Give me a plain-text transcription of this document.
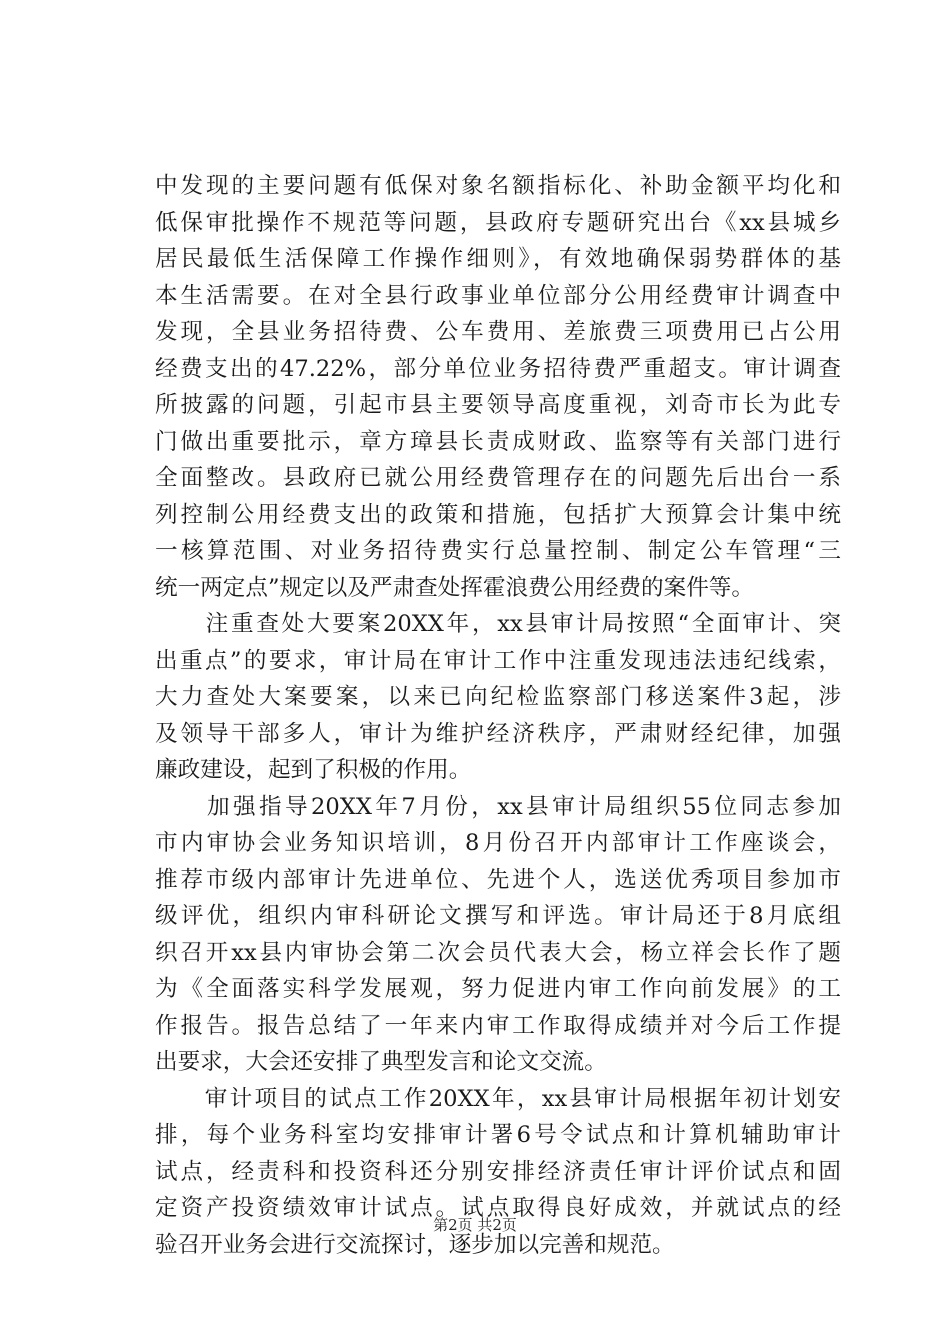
中发现的主要问题有低保对象名额指标化、补助金额平均化和
低保审批操作不规范等问题，县政府专题研究出台《xx县城乡
居民最低生活保障工作操作细则》，有效地确保弱势群体的基
本生活需要。在对全县行政事业单位部分公用经费审计调查中
发现，全县业务招待费、公车费用、差旅费三项费用已占公用
经费支出的47.22%，部分单位业务招待费严重超支。审计调查
所披露的问题，引起市县主要领导高度重视，刘奇市长为此专
门做出重要批示，章方璋县长责成财政、监察等有关部门进行
全面整改。县政府已就公用经费管理存在的问题先后出台一系
列控制公用经费支出的政策和措施，包括扩大预算会计集中统
一核算范围、对业务招待费实行总量控制、制定公车管理“三
统一两定点”规定以及严肃查处挥霍浪费公用经费的案件等。
　　注重查处大要案20XX年，xx县审计局按照“全面审计、突
出重点”的要求，审计局在审计工作中注重发现违法违纪线索，
大力查处大案要案，以来已向纪检监察部门移送案件3起，涉
及领导干部多人，审计为维护经济秩序，严肃财经纪律，加强
廉政建设，起到了积极的作用。
　　加强指导20XX年7月份，xx县审计局组织55位同志参加
市内审协会业务知识培训，8月份召开内部审计工作座谈会，
推荐市级内部审计先进单位、先进个人，选送优秀项目参加市
级评优，组织内审科研论文撰写和评选。审计局还于8月底组
织召开xx县内审协会第二次会员代表大会，杨立祥会长作了题
为《全面落实科学发展观，努力促进内审工作向前发展》的工
作报告。报告总结了一年来内审工作取得成绩并对今后工作提
出要求，大会还安排了典型发言和论文交流。
　　审计项目的试点工作20XX年，xx县审计局根据年初计划安
排，每个业务科室均安排审计署6号令试点和计算机辅助审计
试点，经责科和投资科还分别安排经济责任审计评价试点和固
定资产投资绩效审计试点。试点取得良好成效，并就试点的经
验召开业务会进行交流探讨，逐步加以完善和规范。
第2页 共2页
